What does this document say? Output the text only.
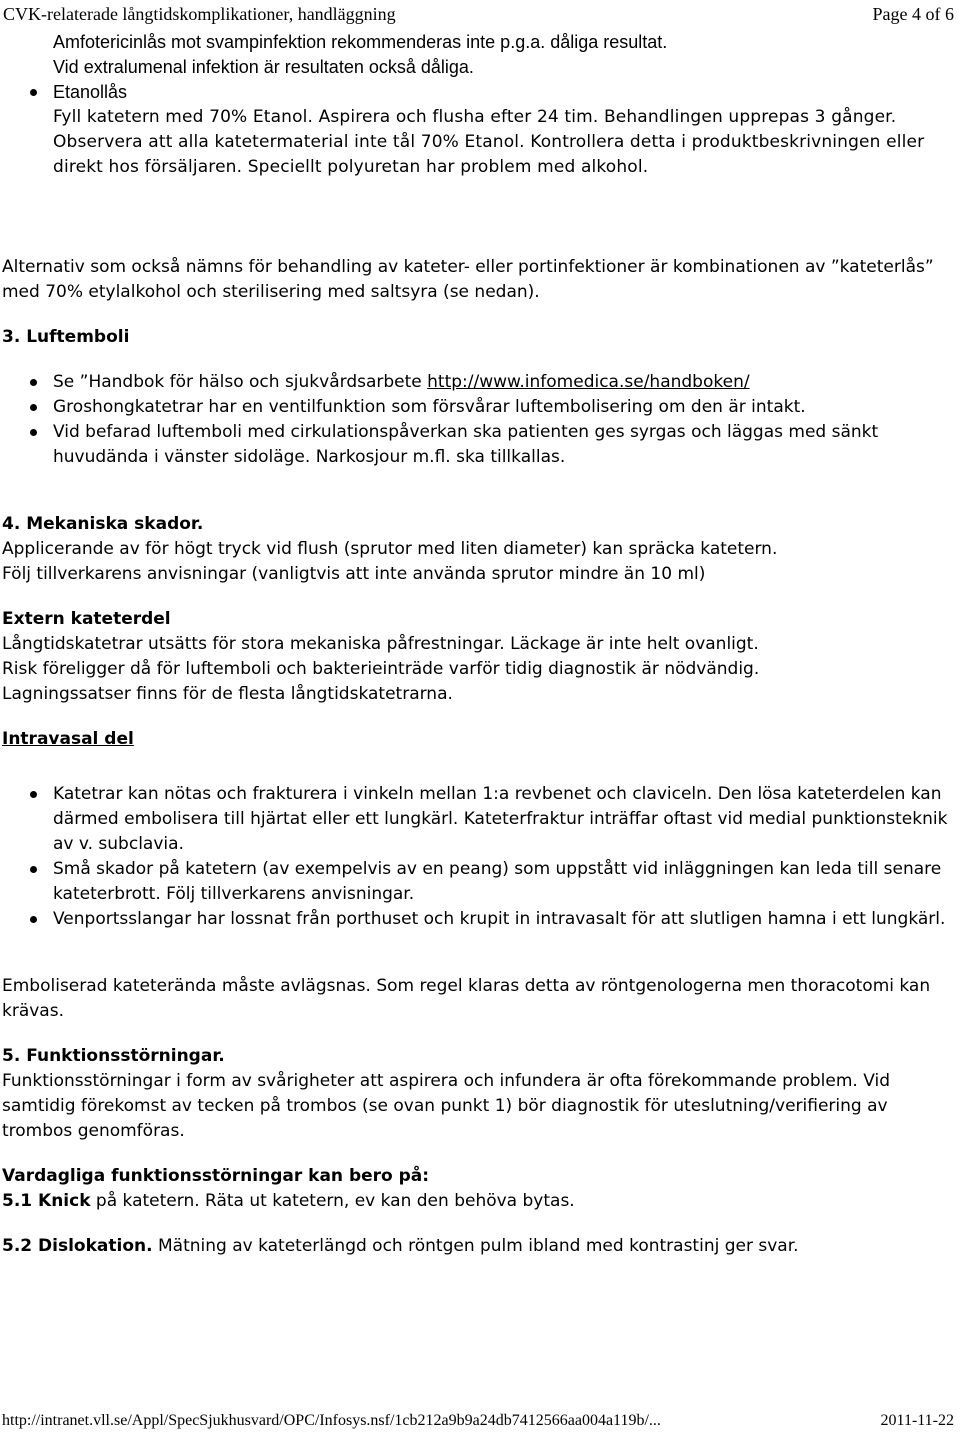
CVK-relaterade långtidskomplikationer, handläggning	Page 4 of 6
Amfotericinlås mot svampinfektion rekommenderas inte p.g.a. dåliga resultat.
Vid extralumenal infektion är resultaten också dåliga.
Etanollås
Fyll katetern med 70% Etanol. Aspirera och flusha efter 24 tim. Behandlingen upprepas 3 gånger. Observera att alla katetermaterial inte tål 70% Etanol. Kontrollera detta i produktbeskrivningen eller direkt hos försäljaren. Speciellt polyuretan har problem med alkohol.

Alternativ som också nämns för behandling av kateter- eller portinfektioner är kombinationen av ”kateterlås” med 70% etylalkohol och sterilisering med saltsyra (se nedan).

3. Luftemboli

Se ”Handbok för hälso och sjukvårdsarbete http://www.infomedica.se/handboken/
Groshongkatetrar har en ventilfunktion som försvårar luftembolisering om den är intakt.
Vid befarad luftemboli med cirkulationspåverkan ska patienten ges syrgas och läggas med sänkt huvudända i vänster sidoläge. Narkosjour m.fl. ska tillkallas.

4. Mekaniska skador.

Applicerande av för högt tryck vid flush (sprutor med liten diameter) kan spräcka katetern.

Följ tillverkarens anvisningar (vanligtvis att inte använda sprutor mindre än 10 ml)

Extern kateterdel

Långtidskatetrar utsätts för stora mekaniska påfrestningar. Läckage är inte helt ovanligt.

Risk föreligger då för luftemboli och bakterieinträde varför tidig diagnostik är nödvändig.

Lagningssatser finns för de flesta långtidskatetrarna.

Intravasal del

Katetrar kan nötas och frakturera i vinkeln mellan 1:a revbenet och claviceln. Den lösa kateterdelen kan därmed embolisera till hjärtat eller ett lungkärl. Kateterfraktur inträffar oftast vid medial punktionsteknik av v. subclavia.
Små skador på katetern (av exempelvis av en peang) som uppstått vid inläggningen kan leda till senare kateterbrott. Följ tillverkarens anvisningar.
Venportsslangar har lossnat från porthuset och krupit in intravasalt för att slutligen hamna i ett lungkärl.

Emboliserad kateterända måste avlägsnas. Som regel klaras detta av röntgenologerna men thoracotomi kan krävas.

5. Funktionsstörningar.

Funktionsstörningar i form av svårigheter att aspirera och infundera är ofta förekommande problem. Vid samtidig förekomst av tecken på trombos (se ovan punkt 1) bör diagnostik för uteslutning/verifiering av trombos genomföras.

Vardagliga funktionsstörningar kan bero på:

5.1 Knick på katetern. Räta ut katetern, ev kan den behöva bytas.

5.2 Dislokation. Mätning av kateterlängd och röntgen pulm ibland med kontrastinj ger svar.

http://intranet.vll.se/Appl/SpecSjukhusvard/OPC/Infosys.nsf/1cb212a9b9a24db7412566aa004a119b/...	2011-11-22
